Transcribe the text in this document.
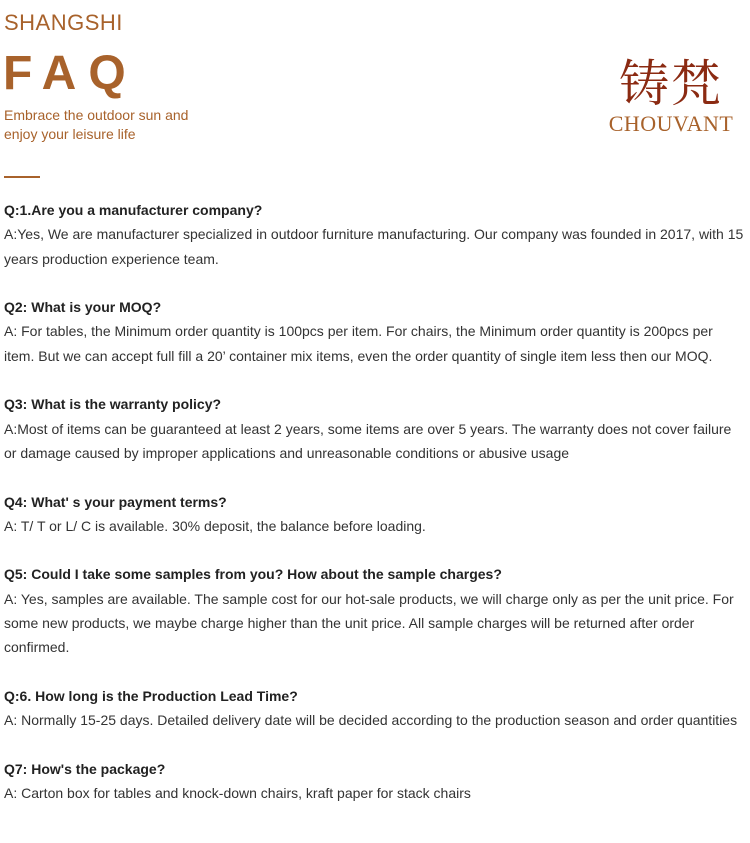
SHANGSHI
FAQ
Embrace the outdoor sun and enjoy your leisure life
铸梵
CHOUVANT
Q:1.Are you a manufacturer company?
A:Yes, We are manufacturer specialized in outdoor furniture manufacturing. Our company was founded in 2017, with 15 years production experience team.
Q2: What is your MOQ?
A: For tables, the Minimum order quantity is 100pcs per item. For chairs, the Minimum order quantity is 200pcs per item. But we can accept full fill a 20’ container mix items, even the order quantity of single item less then our MOQ.
Q3: What is the warranty policy?
A:Most of items can be guaranteed at least 2 years, some items are over 5 years. The warranty does not cover failure or damage caused by improper applications and unreasonable conditions or abusive usage
Q4: What' s your payment terms?
A: T/ T or L/ C is available. 30% deposit, the balance before loading.
Q5: Could I take some samples from you? How about the sample charges?
A: Yes, samples are available. The sample cost for our hot-sale products, we will charge only as per the unit price. For some new products, we maybe charge higher than the unit price. All sample charges will be returned after order confirmed.
Q:6. How long is the Production Lead Time?
A: Normally 15-25 days. Detailed delivery date will be decided according to the production season and order quantities
Q7: How's the package?
A: Carton box for tables and knock-down chairs, kraft paper for stack chairs
